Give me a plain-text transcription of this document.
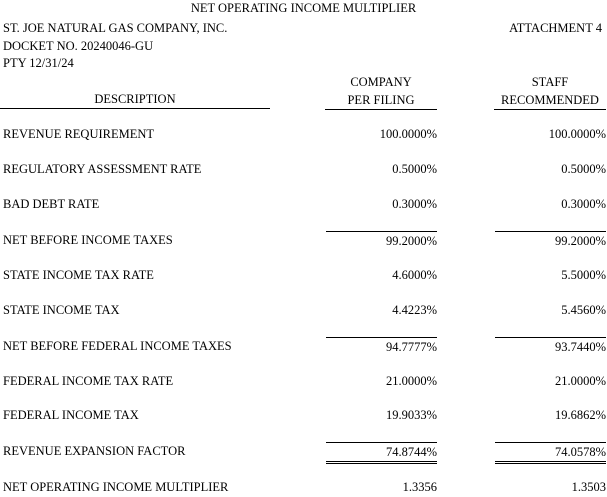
NET OPERATING INCOME MULTIPLIER
ST. JOE NATURAL GAS COMPANY, INC.	ATTACHMENT 4
DOCKET NO. 20240046-GU
PTY 12/31/24
DESCRIPTION
COMPANY
PER FILING
STAFF
RECOMMENDED
REVENUE REQUIREMENT	100.0000%	100.0000%
REGULATORY ASSESSMENT RATE	0.5000%	0.5000%
BAD DEBT RATE	0.3000%	0.3000%
NET BEFORE INCOME TAXES	99.2000%	99.2000%
STATE INCOME TAX RATE	4.6000%	5.5000%
STATE INCOME TAX	4.4223%	5.4560%
NET BEFORE FEDERAL INCOME TAXES	94.7777%	93.7440%
FEDERAL INCOME TAX RATE	21.0000%	21.0000%
FEDERAL INCOME TAX	19.9033%	19.6862%
REVENUE EXPANSION FACTOR	74.8744%	74.0578%
NET OPERATING INCOME MULTIPLIER	1.3356	1.3503
